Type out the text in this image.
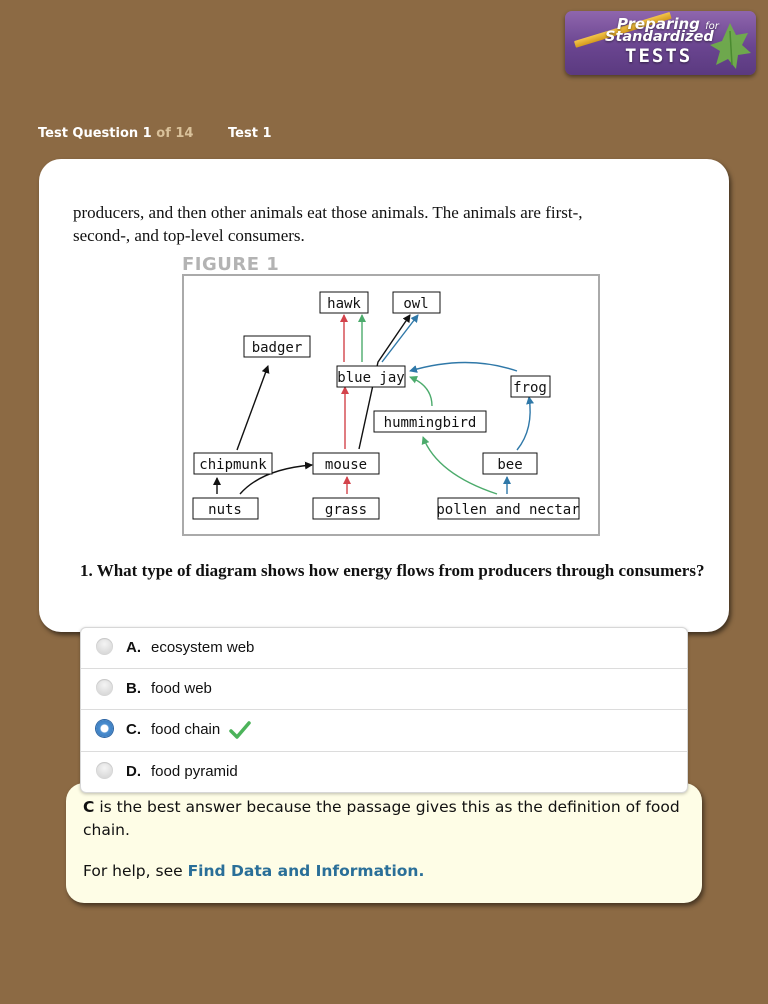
Preparing for
Standardized
TESTS
Test Question 1 of 14	Test 1
producers, and then other animals eat those animals. The animals are first-, second-, and top-level consumers.
FIGURE 1
hawk	owl
badger
blue jay
frog
hummingbird
chipmunk	mouse	bee
nuts	grass	pollen and nectar
1. What type of diagram shows how energy flows from producers through consumers?
C is the best answer because the passage gives this as the definition of food chain.
For help, see Find Data and Information.
A. ecosystem web
B. food web
C. food chain
D. food pyramid
